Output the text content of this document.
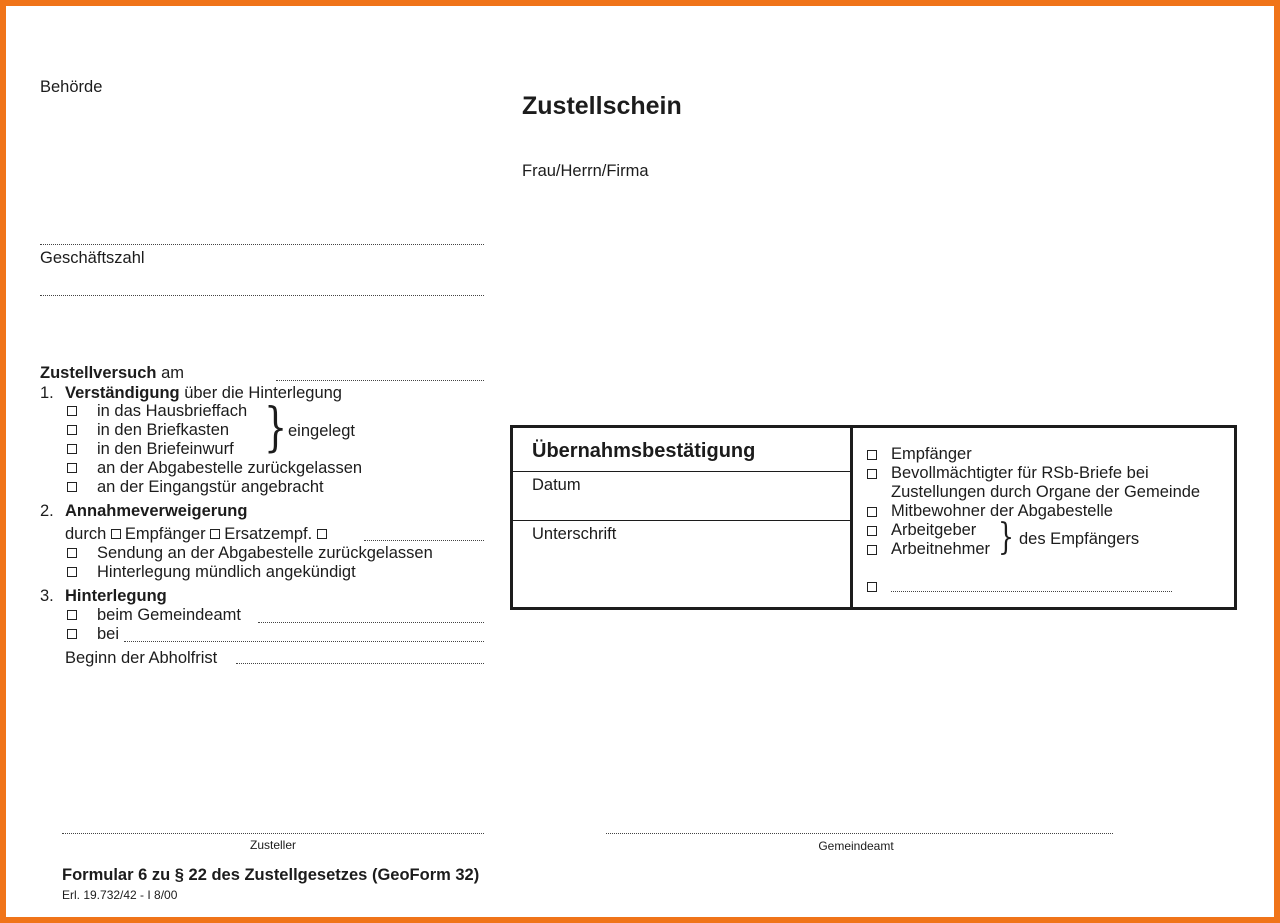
Behörde
Geschäftszahl
Zustellversuch am
1. Verständigung über die Hinterlegung
in das Hausbrieffach
in den Briefkasten
in den Briefeinwurf } eingelegt
an der Abgabestelle zurückgelassen
an der Eingangstür angebracht
2. Annahmeverweigerung
durch Empfänger Ersatzempf.
Sendung an der Abgabestelle zurückgelassen
Hinterlegung mündlich angekündigt
3. Hinterlegung
beim Gemeindeamt
bei
Beginn der Abholfrist
Zusteller
Formular 6 zu § 22 des Zustellgesetzes (GeoForm 32)
Erl. 19.732/42 - I 8/00
Zustellschein
Frau/Herrn/Firma
Übernahmsbestätigung
Datum
Unterschrift
Empfänger
Bevollmächtigter für RSb-Briefe bei
Zustellungen durch Organe der Gemeinde
Mitbewohner der Abgabestelle
Arbeitgeber
Arbeitnehmer } des Empfängers
Gemeindeamt
